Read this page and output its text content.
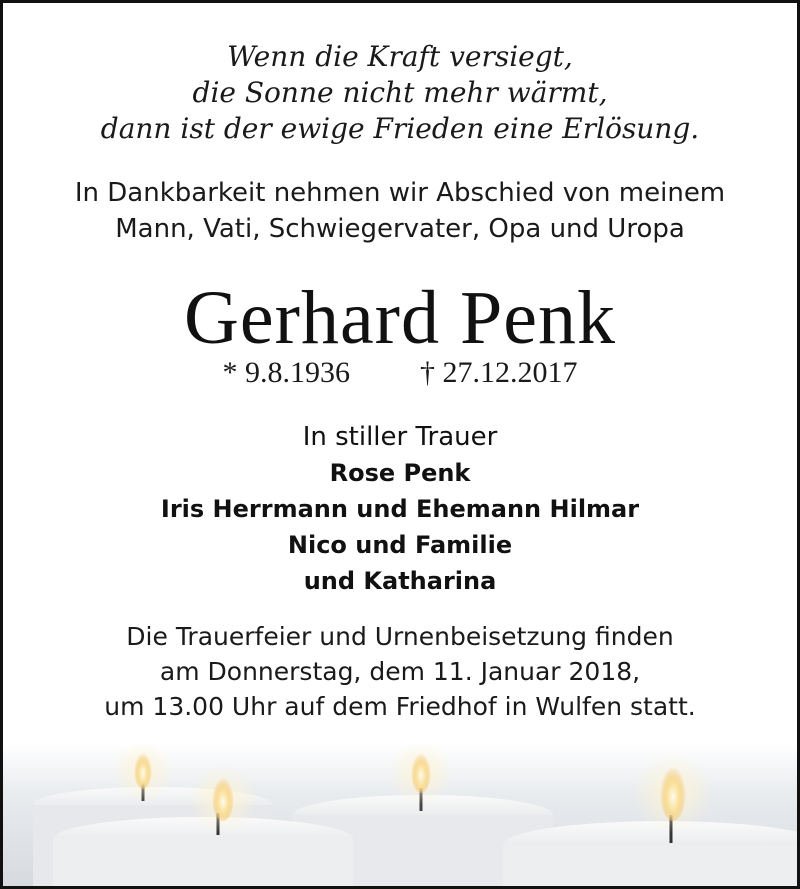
Wenn die Kraft versiegt,
die Sonne nicht mehr wärmt,
dann ist der ewige Frieden eine Erlösung.
In Dankbarkeit nehmen wir Abschied von meinem
Mann, Vati, Schwiegervater, Opa und Uropa
Gerhard Penk
* 9.8.1936 † 27.12.2017
In stiller Trauer
Rose Penk
Iris Herrmann und Ehemann Hilmar
Nico und Familie
und Katharina
Die Trauerfeier und Urnenbeisetzung finden
am Donnerstag, dem 11. Januar 2018,
um 13.00 Uhr auf dem Friedhof in Wulfen statt.
